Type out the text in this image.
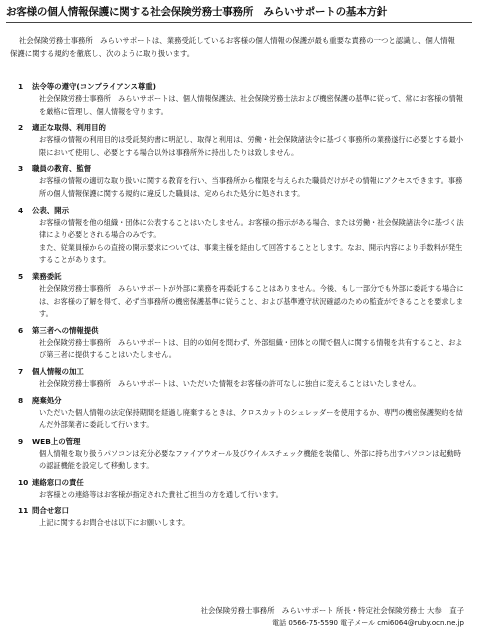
お客様の個人情報保護に関する社会保険労務士事務所　みらいサポートの基本方針

社会保険労務士事務所　みらいサポートは、業務受託しているお客様の個人情報の保護が最も重要な責務の一つと認識し、個人情報保護に関する規約を徹底し、次のように取り扱います。

1 法令等の遵守(コンプライアンス尊重)

社会保険労務士事務所　みらいサポートは、個人情報保護法、社会保険労務士法および機密保護の基準に従って、常にお客様の情報を厳格に管理し、個人情報を守ります。

2 適正な取得、利用目的

お客様の情報の利用目的は受託契約書に明記し、取得と利用は、労働・社会保険諸法令に基づく事務所の業務遂行に必要とする最小限において使用し、必要とする場合以外は事務所外に持出したりは致しません。

3 職員の教育、監督

お客様の情報の適切な取り扱いに関する教育を行い、当事務所から権限を与えられた職員だけがその情報にアクセスできます。事務所の個人情報保護に関する規約に違反した職員は、定められた処分に処されます。

4 公表、開示

お客様の情報を他の組織・団体に公表することはいたしません。お客様の指示がある場合、または労働・社会保険諸法令に基づく法律により必要とされる場合のみです。

また、従業員様からの直接の開示要求については、事業主様を経由して回答することとします。なお、開示内容により手数料が発生することがあります。

5 業務委託

社会保険労務士事務所　みらいサポートが外部に業務を再委託することはありません。今後、もし一部分でも外部に委託する場合には、お客様の了解を得て、必ず当事務所の機密保護基準に従うこと、および基準遵守状況確認のための監査ができることを要求します。

6 第三者への情報提供

社会保険労務士事務所　みらいサポートは、目的の如何を問わず、外部組織・団体との間で個人に関する情報を共有すること、および第三者に提供することはいたしません。

7 個人情報の加工

社会保険労務士事務所　みらいサポートは、いただいた情報をお客様の許可なしに独自に変えることはいたしません。

8 廃棄処分

いただいた個人情報の法定保持期間を経過し廃棄するときは、クロスカットのシュレッダーを使用するか、専門の機密保護契約を結んだ外部業者に委託して行います。

9 WEB上の管理

個人情報を取り扱うパソコンは充分必要なファイアウオール及びウイルスチェック機能を装備し、外部に持ち出すパソコンは起動時の認証機能を設定して移動します。

10 連絡窓口の責任

お客様との連絡等はお客様が指定された貴社ご担当の方を通して行います。

11 問合せ窓口

上記に関するお問合せは以下にお願いします。

社会保険労務士事務所　みらいサポート 所長・特定社会保険労務士 大参　直子
電話 0566-75-5590 電子メール cmi6064@ruby.ocn.ne.jp
